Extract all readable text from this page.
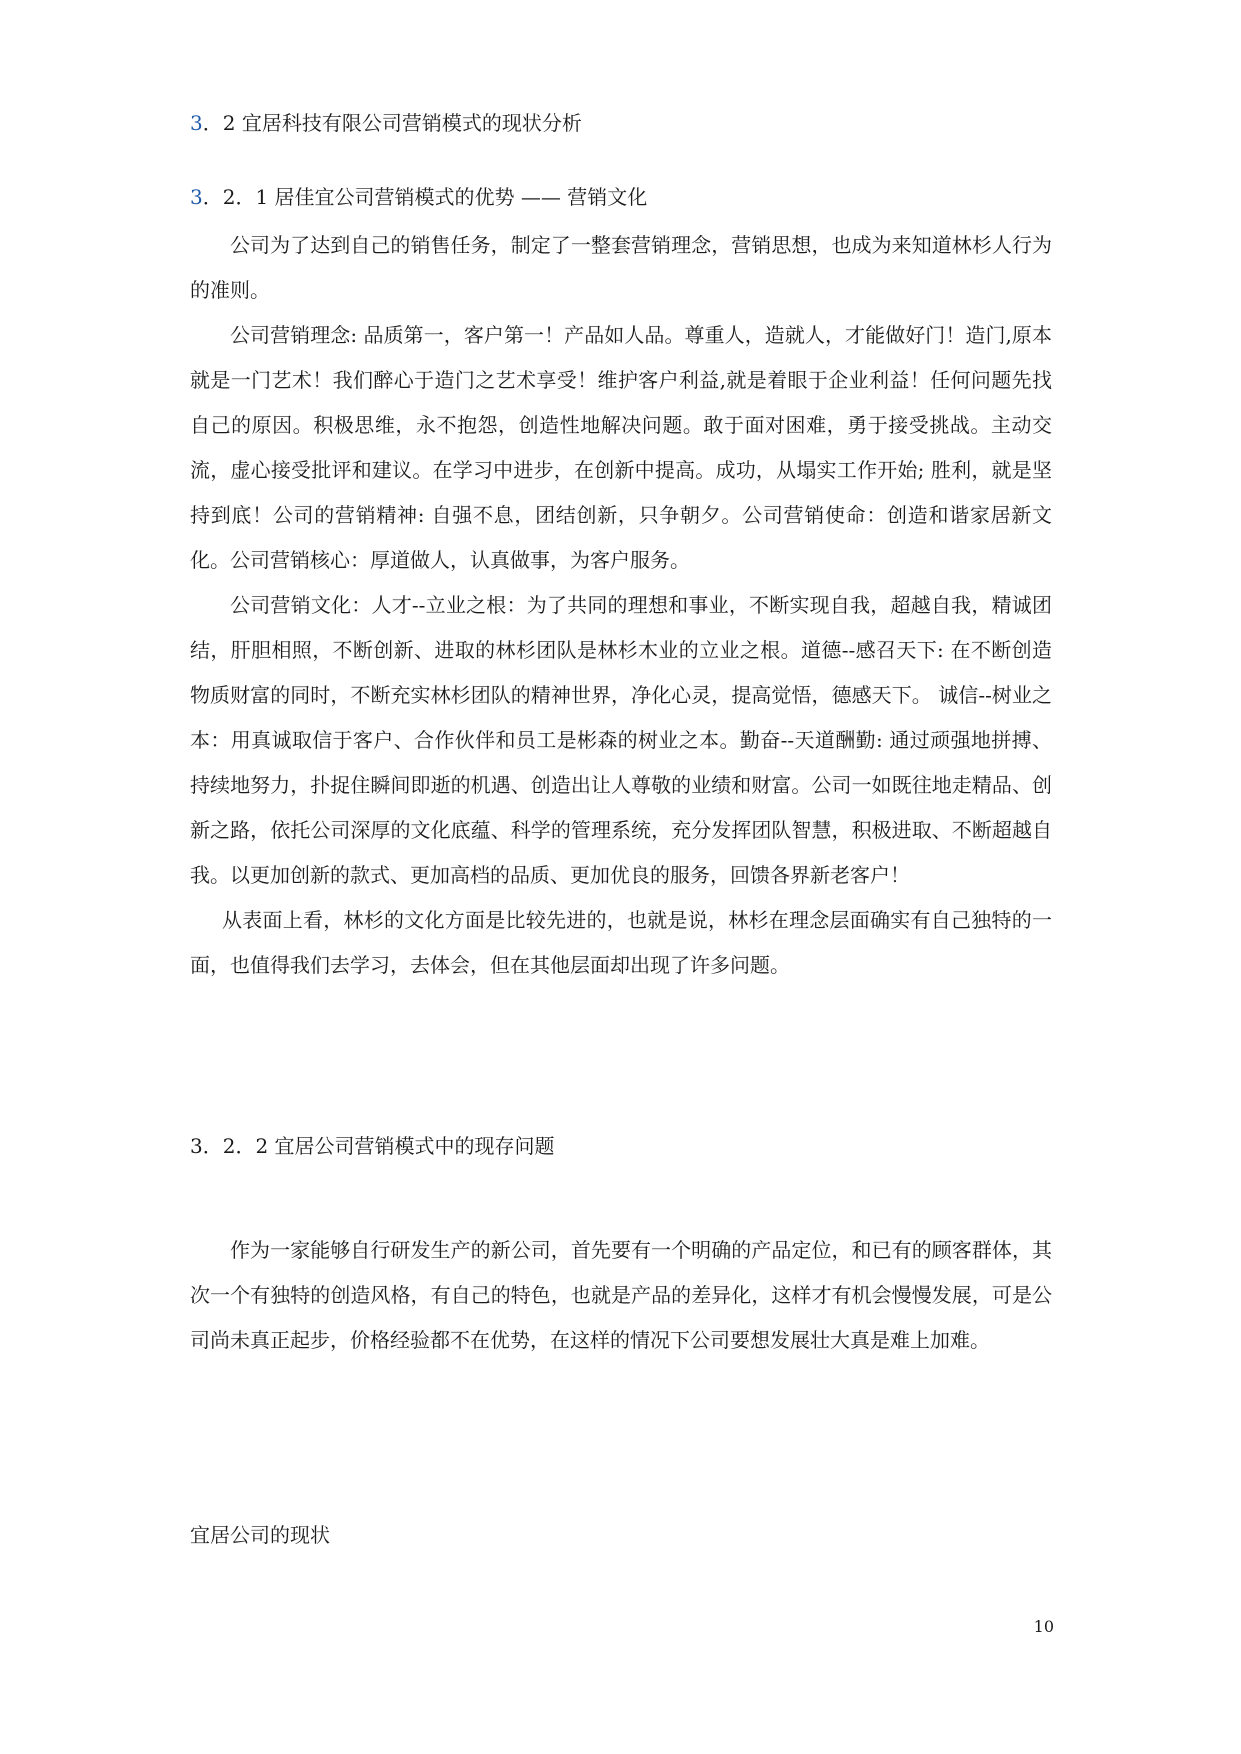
3．2 宜居科技有限公司营销模式的现状分析
3．2．1 居佳宜公司营销模式的优势 —— 营销文化

公司为了达到自己的销售任务，制定了一整套营销理念，营销思想，也成为来知道林杉人行为的准则。

公司营销理念: 品质第一，客户第一！产品如人品。尊重人，造就人，才能做好门！造门,原本就是一门艺术！我们醉心于造门之艺术享受！维护客户利益,就是着眼于企业利益！任何问题先找自己的原因。积极思维，永不抱怨，创造性地解决问题。敢于面对困难，勇于接受挑战。主动交流，虚心接受批评和建议。在学习中进步，在创新中提高。成功，从塌实工作开始; 胜利，就是坚持到底！公司的营销精神: 自强不息，团结创新，只争朝夕。公司营销使命：创造和谐家居新文化。公司营销核心：厚道做人，认真做事，为客户服务。

公司营销文化：人才--立业之根：为了共同的理想和事业，不断实现自我，超越自我，精诚团结，肝胆相照，不断创新、进取的林杉团队是林杉木业的立业之根。道德--感召天下: 在不断创造物质财富的同时，不断充实林杉团队的精神世界，净化心灵，提高觉悟，德感天下。 诚信--树业之本：用真诚取信于客户、合作伙伴和员工是彬森的树业之本。勤奋--天道酬勤: 通过顽强地拼搏、持续地努力，扑捉住瞬间即逝的机遇、创造出让人尊敬的业绩和财富。公司一如既往地走精品、创新之路，依托公司深厚的文化底蕴、科学的管理系统，充分发挥团队智慧，积极进取、不断超越自我。以更加创新的款式、更加高档的品质、更加优良的服务，回馈各界新老客户！

从表面上看，林杉的文化方面是比较先进的，也就是说，林杉在理念层面确实有自己独特的一面，也值得我们去学习，去体会，但在其他层面却出现了许多问题。

3．2．2 宜居公司营销模式中的现存问题

作为一家能够自行研发生产的新公司，首先要有一个明确的产品定位，和已有的顾客群体，其次一个有独特的创造风格，有自己的特色，也就是产品的差异化，这样才有机会慢慢发展，可是公司尚未真正起步，价格经验都不在优势，在这样的情况下公司要想发展壮大真是难上加难。

宜居公司的现状
10
